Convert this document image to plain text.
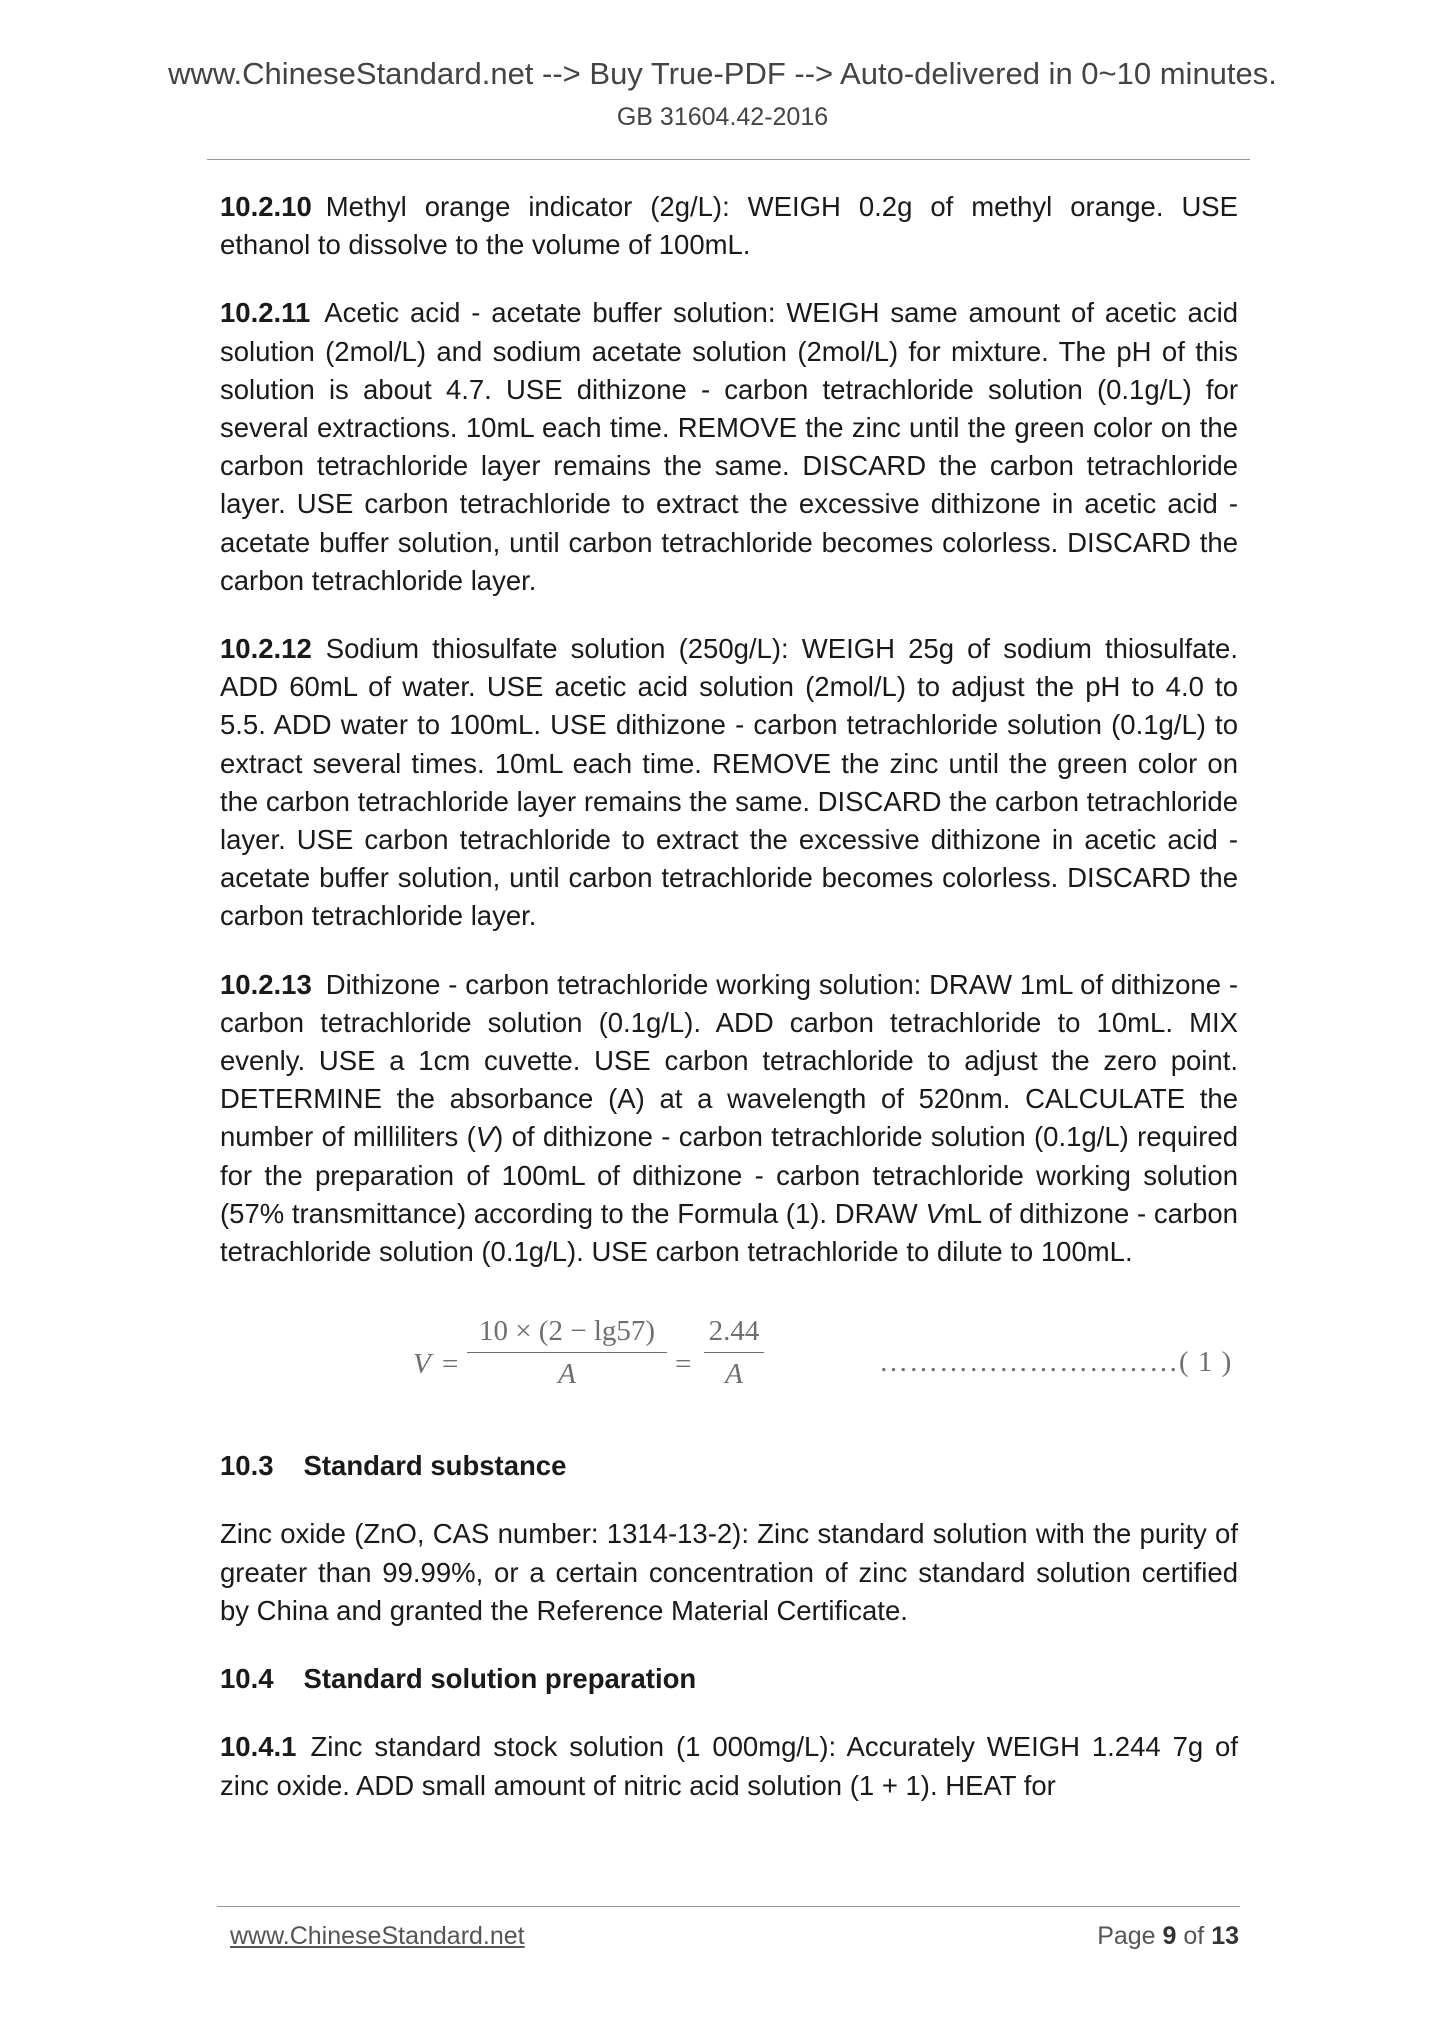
www.ChineseStandard.net --> Buy True-PDF --> Auto-delivered in 0~10 minutes.
GB 31604.42-2016

10.2.10 Methyl orange indicator (2g/L): WEIGH 0.2g of methyl orange. USE ethanol to dissolve to the volume of 100mL.

10.2.11 Acetic acid - acetate buffer solution: WEIGH same amount of acetic acid solution (2mol/L) and sodium acetate solution (2mol/L) for mixture. The pH of this solution is about 4.7. USE dithizone - carbon tetrachloride solution (0.1g/L) for several extractions. 10mL each time. REMOVE the zinc until the green color on the carbon tetrachloride layer remains the same. DISCARD the carbon tetrachloride layer. USE carbon tetrachloride to extract the excessive dithizone in acetic acid - acetate buffer solution, until carbon tetrachloride becomes colorless. DISCARD the carbon tetrachloride layer.

10.2.12 Sodium thiosulfate solution (250g/L): WEIGH 25g of sodium thiosulfate. ADD 60mL of water. USE acetic acid solution (2mol/L) to adjust the pH to 4.0 to 5.5. ADD water to 100mL. USE dithizone - carbon tetrachloride solution (0.1g/L) to extract several times. 10mL each time. REMOVE the zinc until the green color on the carbon tetrachloride layer remains the same. DISCARD the carbon tetrachloride layer. USE carbon tetrachloride to extract the excessive dithizone in acetic acid - acetate buffer solution, until carbon tetrachloride becomes colorless. DISCARD the carbon tetrachloride layer.

10.2.13 Dithizone - carbon tetrachloride working solution: DRAW 1mL of dithizone - carbon tetrachloride solution (0.1g/L). ADD carbon tetrachloride to 10mL. MIX evenly. USE a 1cm cuvette. USE carbon tetrachloride to adjust the zero point. DETERMINE the absorbance (A) at a wavelength of 520nm. CALCULATE the number of milliliters (V) of dithizone - carbon tetrachloride solution (0.1g/L) required for the preparation of 100mL of dithizone - carbon tetrachloride working solution (57% transmittance) according to the Formula (1). DRAW VmL of dithizone - carbon tetrachloride solution (0.1g/L). USE carbon tetrachloride to dilute to 100mL.

V =
10 × (2 − lg57)
A	=
2.44
A	…………………………( 1 )
10.3 Standard substance

Zinc oxide (ZnO, CAS number: 1314-13-2): Zinc standard solution with the purity of greater than 99.99%, or a certain concentration of zinc standard solution certified by China and granted the Reference Material Certificate.

10.4 Standard solution preparation

10.4.1 Zinc standard stock solution (1 000mg/L): Accurately WEIGH 1.244 7g of zinc oxide. ADD small amount of nitric acid solution (1 + 1). HEAT for

www.ChineseStandard.net	Page 9 of 13
